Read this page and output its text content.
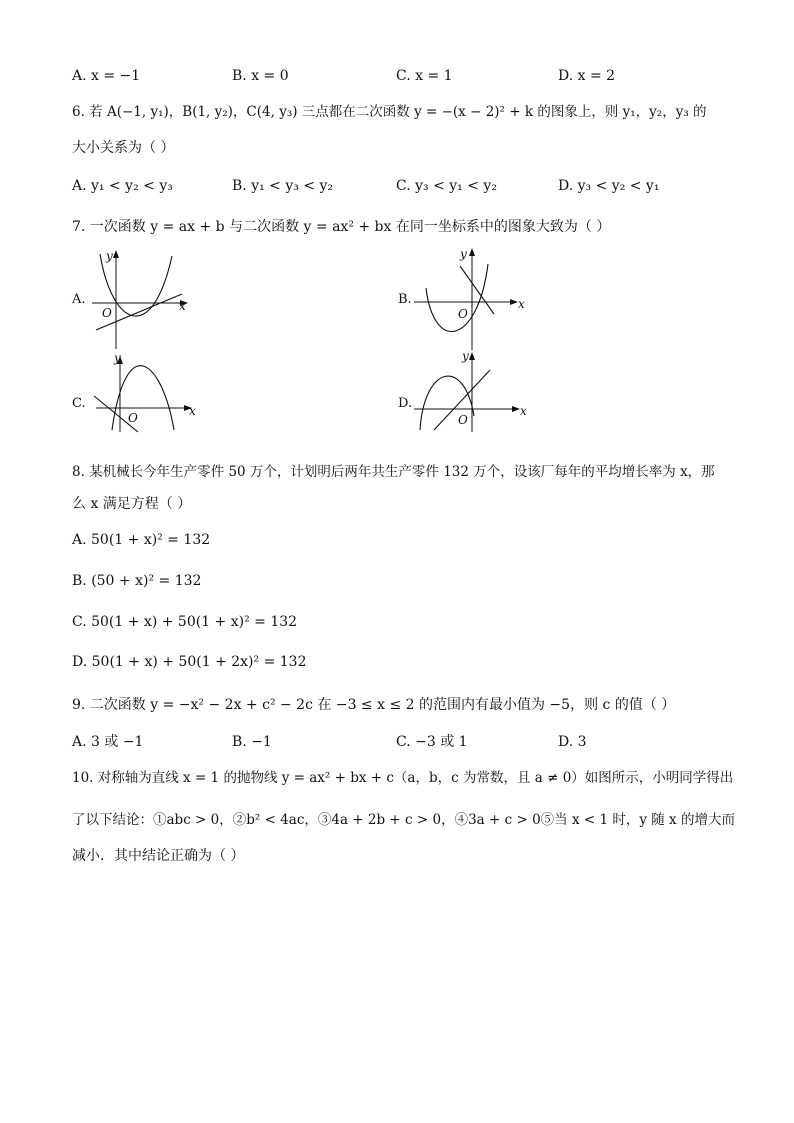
A. x = −1	B. x = 0	C. x = 1	D. x = 2
6. 若 A(−1, y₁)，B(1, y₂)，C(4, y₃) 三点都在二次函数 y = −(x − 2)² + k 的图象上，则 y₁，y₂，y₃ 的
大小关系为（ ）
A. y₁ < y₂ < y₃	B. y₁ < y₃ < y₂	C. y₃ < y₁ < y₂	D. y₃ < y₂ < y₁
7. 一次函数 y = ax + b 与二次函数 y = ax² + bx 在同一坐标系中的图象大致为（ ）
A.
y
x
O
B.
y
x
O
C.
y
x
O
D.
y
x
O
8. 某机械长今年生产零件 50 万个，计划明后两年共生产零件 132 万个，设该厂每年的平均增长率为 x，那
么 x 满足方程（ ）
A. 50(1 + x)² = 132
B. (50 + x)² = 132
C. 50(1 + x) + 50(1 + x)² = 132
D. 50(1 + x) + 50(1 + 2x)² = 132
9. 二次函数 y = −x² − 2x + c² − 2c 在 −3 ≤ x ≤ 2 的范围内有最小值为 −5，则 c 的值（ ）
A. 3 或 −1	B. −1	C. −3 或 1	D. 3
10. 对称轴为直线 x = 1 的抛物线 y = ax² + bx + c（a，b，c 为常数，且 a ≠ 0）如图所示，小明同学得出
了以下结论：①abc > 0，②b² < 4ac，③4a + 2b + c > 0，④3a + c > 0⑤当 x < 1 时，y 随 x 的增大而
减小．其中结论正确为（ ）
